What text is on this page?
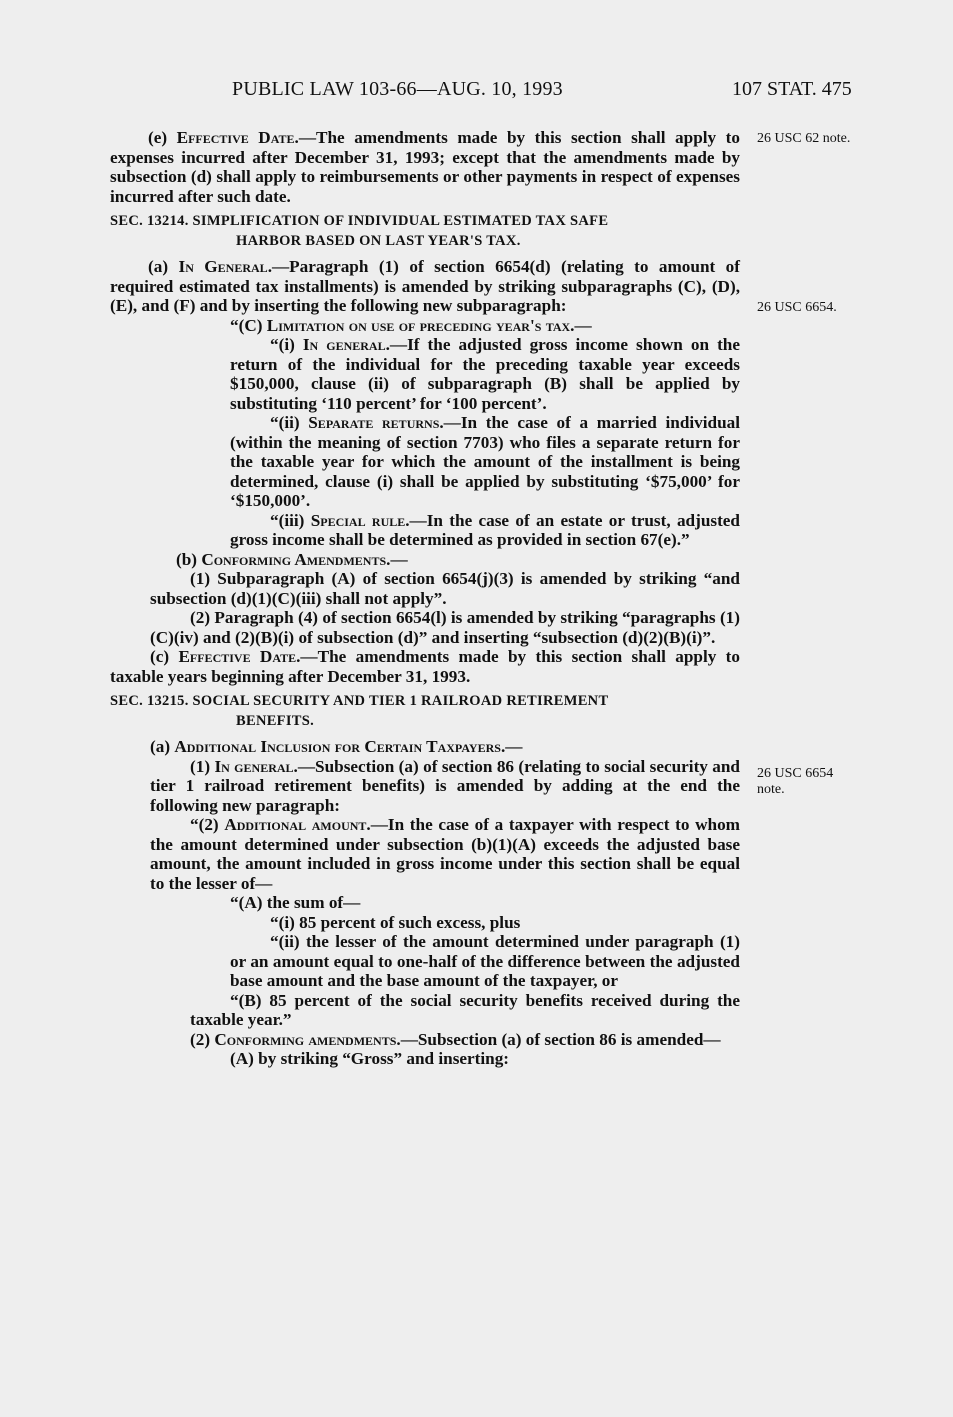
PUBLIC LAW 103-66—AUG. 10, 1993	107 STAT. 475
26 USC 62 note.
26 USC 6654.
26 USC 6654
note.

(e) Effective Date.—The amendments made by this section shall apply to expenses incurred after December 31, 1993; except that the amendments made by subsection (d) shall apply to reimbursements or other payments in respect of expenses incurred after such date.

SEC. 13214. SIMPLIFICATION OF INDIVIDUAL ESTIMATED TAX SAFE
HARBOR BASED ON LAST YEAR'S TAX.

(a) In General.—Paragraph (1) of section 6654(d) (relating to amount of required estimated tax installments) is amended by striking subparagraphs (C), (D), (E), and (F) and by inserting the following new subparagraph:

“(C) Limitation on use of preceding year's tax.—

“(i) In general.—If the adjusted gross income shown on the return of the individual for the preceding taxable year exceeds $150,000, clause (ii) of subparagraph (B) shall be applied by substituting ‘110 percent’ for ‘100 percent’.

“(ii) Separate returns.—In the case of a married individual (within the meaning of section 7703) who files a separate return for the taxable year for which the amount of the installment is being determined, clause (i) shall be applied by substituting ‘$75,000’ for ‘$150,000’.

“(iii) Special rule.—In the case of an estate or trust, adjusted gross income shall be determined as provided in section 67(e).”

(b) Conforming Amendments.—

(1) Subparagraph (A) of section 6654(j)(3) is amended by striking “and subsection (d)(1)(C)(iii) shall not apply”.

(2) Paragraph (4) of section 6654(l) is amended by striking “paragraphs (1)(C)(iv) and (2)(B)(i) of subsection (d)” and inserting “subsection (d)(2)(B)(i)”.

(c) Effective Date.—The amendments made by this section shall apply to taxable years beginning after December 31, 1993.

SEC. 13215. SOCIAL SECURITY AND TIER 1 RAILROAD RETIREMENT
BENEFITS.

(a) Additional Inclusion for Certain Taxpayers.—

(1) In general.—Subsection (a) of section 86 (relating to social security and tier 1 railroad retirement benefits) is amended by adding at the end the following new paragraph:

“(2) Additional amount.—In the case of a taxpayer with respect to whom the amount determined under subsection (b)(1)(A) exceeds the adjusted base amount, the amount included in gross income under this section shall be equal to the lesser of—

“(A) the sum of—

“(i) 85 percent of such excess, plus

“(ii) the lesser of the amount determined under paragraph (1) or an amount equal to one-half of the difference between the adjusted base amount and the base amount of the taxpayer, or

“(B) 85 percent of the social security benefits received during the taxable year.”

(2) Conforming amendments.—Subsection (a) of section 86 is amended—

(A) by striking “Gross” and inserting:
